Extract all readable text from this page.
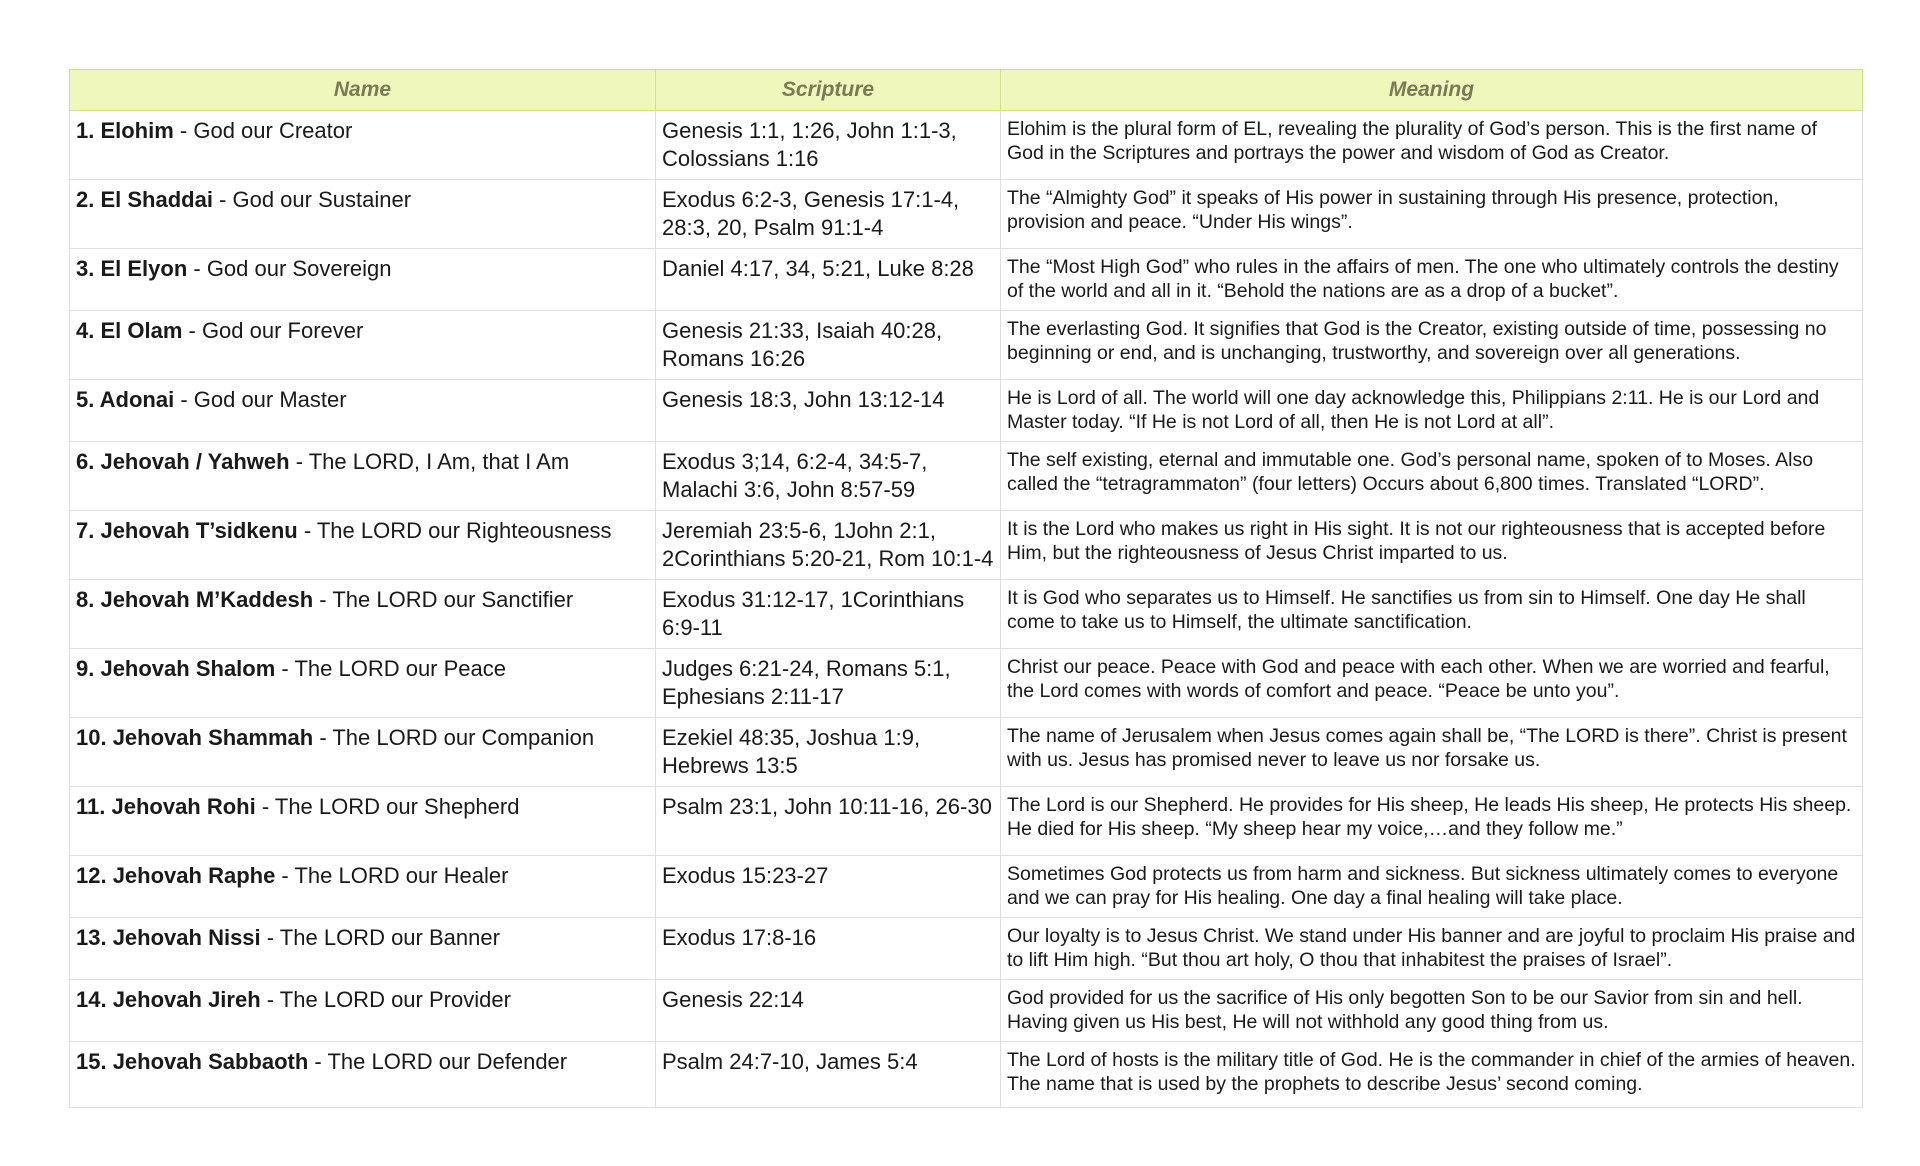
Name	Scripture	Meaning
1. Elohim - God our Creator	Genesis 1:1, 1:26, John 1:1-3, Colossians 1:16	Elohim is the plural form of EL, revealing the plurality of God’s person. This is the first name of God in the Scriptures and portrays the power and wisdom of God as Creator.
2. El Shaddai - God our Sustainer	Exodus 6:2-3, Genesis 17:1-4, 28:3, 20, Psalm 91:1-4	The “Almighty God” it speaks of His power in sustaining through His presence, protection, provision and peace. “Under His wings”.
3. El Elyon - God our Sovereign	Daniel 4:17, 34, 5:21, Luke 8:28	The “Most High God” who rules in the affairs of men. The one who ultimately controls the destiny of the world and all in it. “Behold the nations are as a drop of a bucket”.
4. El Olam - God our Forever	Genesis 21:33, Isaiah 40:28, Romans 16:26	The everlasting God. It signifies that God is the Creator, existing outside of time, possessing no beginning or end, and is unchanging, trustworthy, and sovereign over all generations.
5. Adonai - God our Master	Genesis 18:3, John 13:12-14	He is Lord of all. The world will one day acknowledge this, Philippians 2:11. He is our Lord and Master today. “If He is not Lord of all, then He is not Lord at all”.
6. Jehovah / Yahweh - The LORD, I Am, that I Am	Exodus 3;14, 6:2-4, 34:5-7, Malachi 3:6, John 8:57-59	The self existing, eternal and immutable one. God’s personal name, spoken of to Moses. Also called the “tetragrammaton” (four letters) Occurs about 6,800 times. Translated “LORD”.
7. Jehovah T’sidkenu - The LORD our Righteousness	Jeremiah 23:5-6, 1John 2:1, 2Corinthians 5:20-21, Rom 10:1-4	It is the Lord who makes us right in His sight. It is not our righteousness that is accepted before Him, but the righteousness of Jesus Christ imparted to us.
8. Jehovah M’Kaddesh - The LORD our Sanctifier	Exodus 31:12-17, 1Corinthians 6:9-11	It is God who separates us to Himself. He sanctifies us from sin to Himself. One day He shall come to take us to Himself, the ultimate sanctification.
9. Jehovah Shalom - The LORD our Peace	Judges 6:21-24, Romans 5:1, Ephesians 2:11-17	Christ our peace. Peace with God and peace with each other. When we are worried and fearful, the Lord comes with words of comfort and peace. “Peace be unto you”.
10. Jehovah Shammah - The LORD our Companion	Ezekiel 48:35, Joshua 1:9, Hebrews 13:5	The name of Jerusalem when Jesus comes again shall be, “The LORD is there”. Christ is present with us. Jesus has promised never to leave us nor forsake us.
11. Jehovah Rohi - The LORD our Shepherd	Psalm 23:1, John 10:11-16, 26-30	The Lord is our Shepherd. He provides for His sheep, He leads His sheep, He protects His sheep. He died for His sheep. “My sheep hear my voice,…and they follow me.”
12. Jehovah Raphe - The LORD our Healer	Exodus 15:23-27	Sometimes God protects us from harm and sickness. But sickness ultimately comes to everyone and we can pray for His healing. One day a final healing will take place.
13. Jehovah Nissi - The LORD our Banner	Exodus 17:8-16	Our loyalty is to Jesus Christ. We stand under His banner and are joyful to proclaim His praise and to lift Him high. “But thou art holy, O thou that inhabitest the praises of Israel”.
14. Jehovah Jireh - The LORD our Provider	Genesis 22:14	God provided for us the sacrifice of His only begotten Son to be our Savior from sin and hell. Having given us His best, He will not withhold any good thing from us.
15. Jehovah Sabbaoth - The LORD our Defender	Psalm 24:7-10, James 5:4	The Lord of hosts is the military title of God. He is the commander in chief of the armies of heaven. The name that is used by the prophets to describe Jesus’ second coming.
